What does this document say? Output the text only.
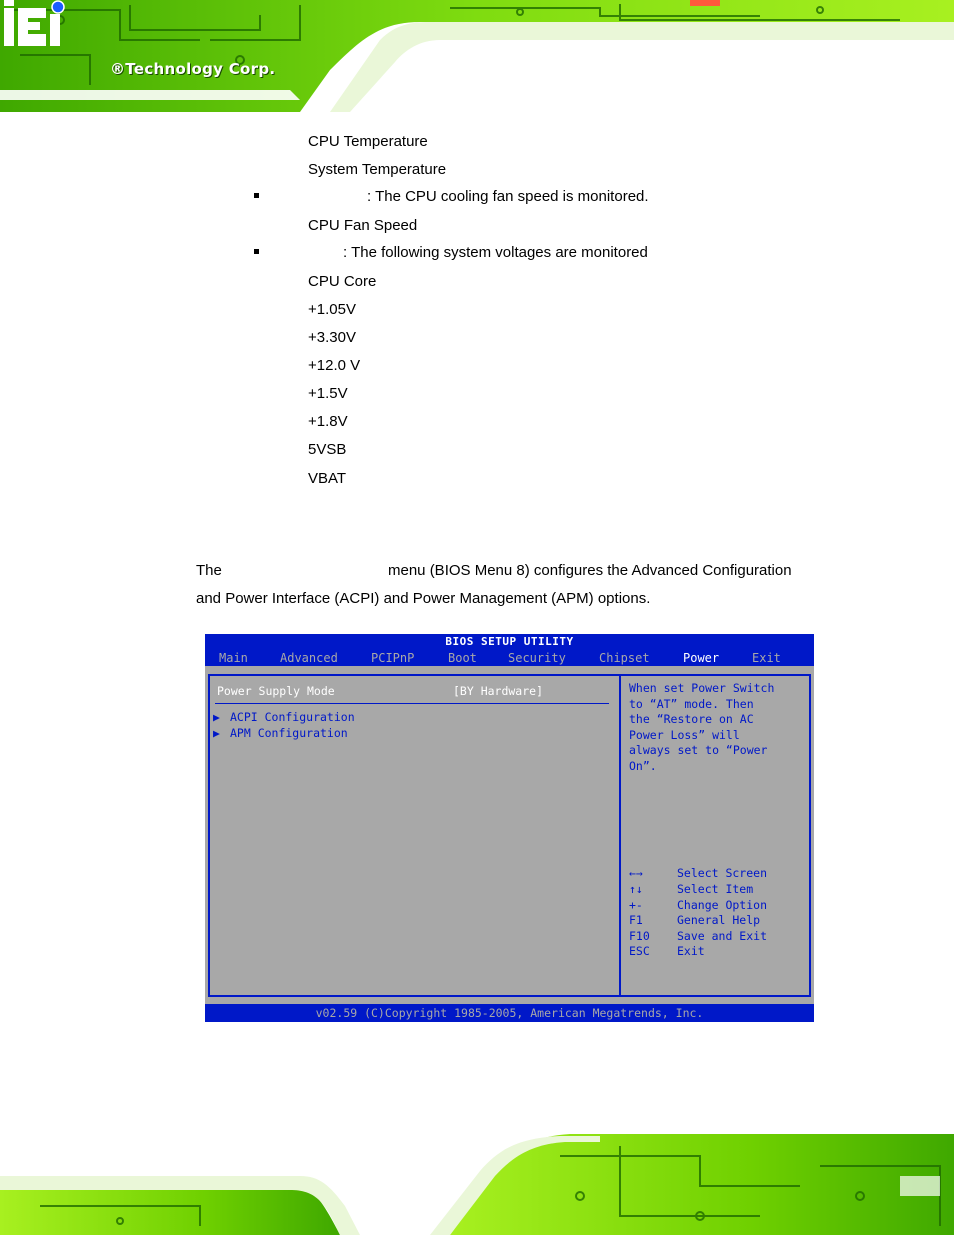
®Technology Corp.
CPU Temperature
System Temperature
: The CPU cooling fan speed is monitored.
CPU Fan Speed
: The following system voltages are monitored
CPU Core
+1.05V
+3.30V
+12.0 V
+1.5V
+1.8V
5VSB
VBAT
The	menu (BIOS Menu 8) configures the Advanced Configuration
and Power Interface (ACPI) and Power Management (APM) options.
BIOS SETUP UTILITY
Main	Advanced	PCIPnP	Boot	Security	Chipset	Power	Exit
Power Supply Mode	[BY Hardware]
▶ ACPI Configuration
▶ APM Configuration
When set Power Switch
to “AT” mode. Then
the “Restore on AC
Power Loss” will
always set to “Power
On”.
←→	Select Screen
↑↓	Select Item
+-	Change Option
F1	General Help
F10 Save and Exit
ESC Exit
v02.59 (C)Copyright 1985-2005, American Megatrends, Inc.
